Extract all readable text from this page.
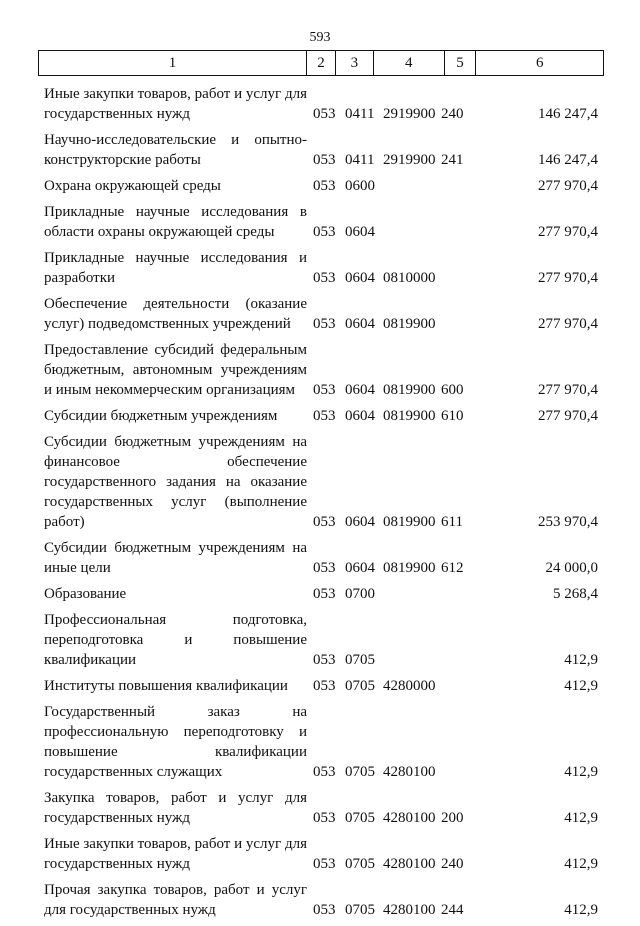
593
1	2	3	4	5	6
Иные закупки товаров, работ и услуг для государственных нужд	053 0411 2919900 240	146 247,4
Научно-исследовательские и опытно-конструкторские работы	053 0411 2919900 241	146 247,4
Охрана окружающей среды	053 0600	277 970,4
Прикладные научные исследования в области охраны окружающей среды	053 0604	277 970,4
Прикладные научные исследования и разработки	053 0604 0810000	277 970,4
Обеспечение деятельности (оказание услуг) подведомственных учреждений	053 0604 0819900	277 970,4
Предоставление субсидий федеральным бюджетным, автономным учреждениям и иным некоммерческим организациям	053 0604 0819900 600	277 970,4
Субсидии бюджетным учреждениям	053 0604 0819900 610	277 970,4
Субсидии бюджетным учреждениям на финансовое обеспечение государственного задания на оказание государственных услуг (выполнение работ)	053 0604 0819900 611	253 970,4
Субсидии бюджетным учреждениям на иные цели	053 0604 0819900 612	24 000,0
Образование	053 0700	5 268,4
Профессиональная подготовка, переподготовка и повышение квалификации	053 0705	412,9
Институты повышения квалификации	053 0705 4280000	412,9
Государственный заказ на профессиональную переподготовку и повышение квалификации государственных служащих	053 0705 4280100	412,9
Закупка товаров, работ и услуг для государственных нужд	053 0705 4280100 200	412,9
Иные закупки товаров, работ и услуг для государственных нужд	053 0705 4280100 240	412,9
Прочая закупка товаров, работ и услуг для государственных нужд	053 0705 4280100 244	412,9
